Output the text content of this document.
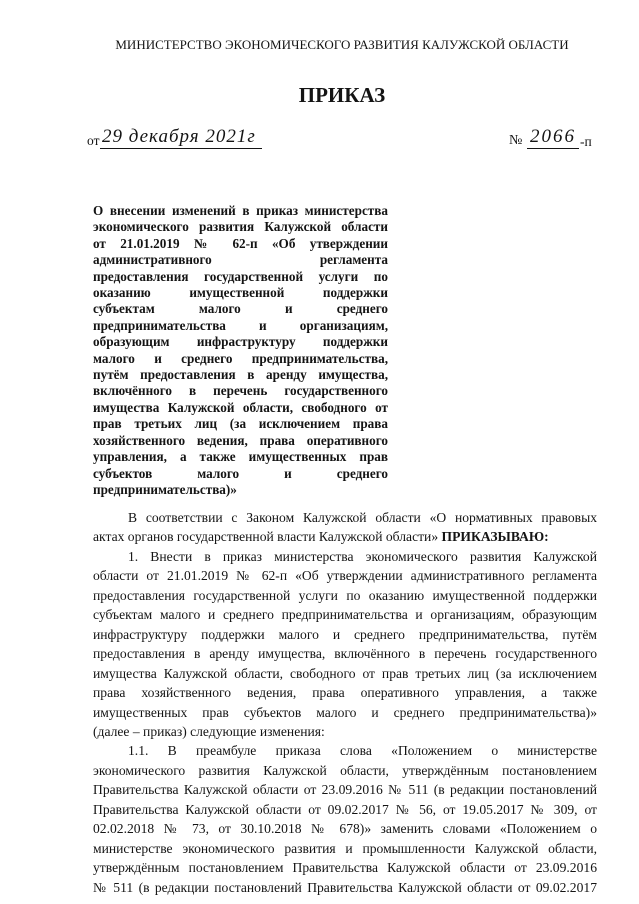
МИНИСТЕРСТВО ЭКОНОМИЧЕСКОГО РАЗВИТИЯ КАЛУЖСКОЙ ОБЛАСТИ
ПРИКАЗ
от 29 декабря 2021г	№ 2066 -п
О внесении изменений в приказ министерства
экономического развития Калужской области
от 21.01.2019 № 62-п «Об утверждении
административного регламента
предоставления государственной услуги по
оказанию имущественной поддержки
субъектам малого и среднего
предпринимательства и организациям,
образующим инфраструктуру поддержки
малого и среднего предпринимательства,
путём предоставления в аренду имущества,
включённого в перечень государственного
имущества Калужской области, свободного от
прав третьих лиц (за исключением права
хозяйственного ведения, права оперативного
управления, а также имущественных прав
субъектов малого и среднего
предпринимательства)»
В соответствии с Законом Калужской области «О нормативных правовых
актах органов государственной власти Калужской области» ПРИКАЗЫВАЮ:
1. Внести в приказ министерства экономического развития Калужской
области от 21.01.2019 № 62-п «Об утверждении административного регламента
предоставления государственной услуги по оказанию имущественной поддержки
субъектам малого и среднего предпринимательства и организациям, образующим
инфраструктуру поддержки малого и среднего предпринимательства, путём
предоставления в аренду имущества, включённого в перечень государственного
имущества Калужской области, свободного от прав третьих лиц (за исключением
права хозяйственного ведения, права оперативного управления, а также
имущественных прав субъектов малого и среднего предпринимательства)»
(далее – приказ) следующие изменения:
1.1. В преамбуле приказа слова «Положением о министерстве
экономического развития Калужской области, утверждённым постановлением
Правительства Калужской области от 23.09.2016 № 511 (в редакции постановлений
Правительства Калужской области от 09.02.2017 № 56, от 19.05.2017 № 309, от
02.02.2018 № 73, от 30.10.2018 № 678)» заменить словами «Положением о
министерстве экономического развития и промышленности Калужской области,
утверждённым постановлением Правительства Калужской области от 23.09.2016
№ 511 (в редакции постановлений Правительства Калужской области от 09.02.2017
